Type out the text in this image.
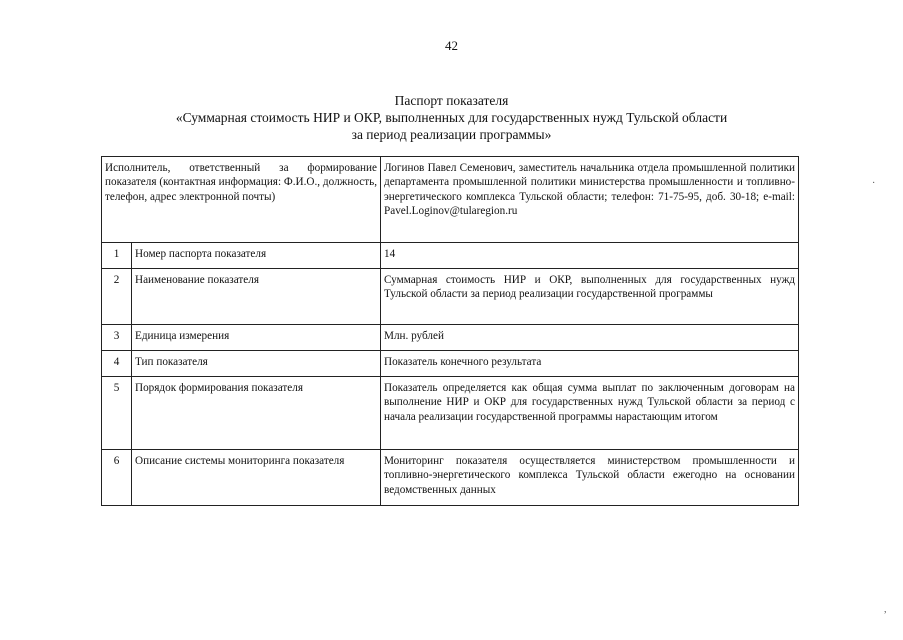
42
Паспорт показателя
«Суммарная стоимость НИР и ОКР, выполненных для государственных нужд Тульской области
за период реализации программы»
Исполнитель, ответственный за формирование показателя (контактная информация: Ф.И.О., должность, телефон, адрес электронной почты)		Логинов Павел Семенович, заместитель начальника отдела промышленной политики департамента промышленной политики министерства промышленности и топливно-энергетического комплекса Тульской области; телефон: 71-75-95, доб. 30-18; e-mail: Pavel.Loginov@tularegion.ru
1	Номер паспорта показателя	14
2	Наименование показателя	Суммарная стоимость НИР и ОКР, выполненных для государственных нужд Тульской области за период реализации государственной программы
3	Единица измерения	Млн. рублей
4	Тип показателя	Показатель конечного результата
5	Порядок формирования показателя	Показатель определяется как общая сумма выплат по заключенным договорам на выполнение НИР и ОКР для государственных нужд Тульской области за период с начала реализации государственной программы нарастающим итогом
6	Описание системы мониторинга показателя	Мониторинг показателя осуществляется министерством промышленности и топливно-энергетического комплекса Тульской области ежегодно на основании ведомственных данных
·
,
